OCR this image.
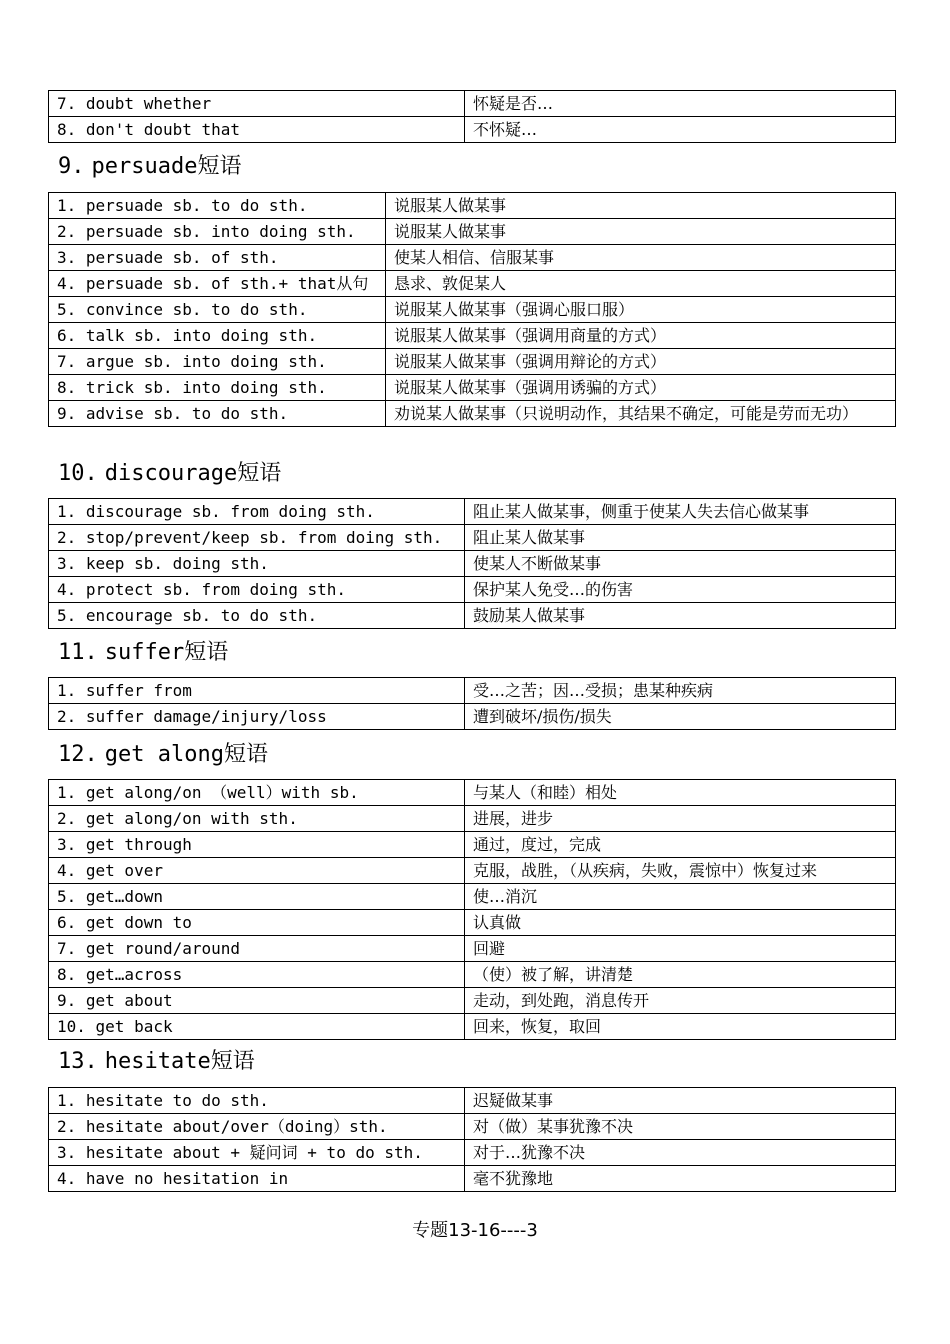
7. doubt whether	怀疑是否…
8. don't doubt that	不怀疑…
9. persuade短语
1. persuade sb. to do sth.	说服某人做某事
2. persuade sb. into doing sth.	说服某人做某事
3. persuade sb. of sth.	使某人相信、信服某事
4. persuade sb. of sth.+ that从句	恳求、敦促某人
5. convince sb. to do sth.	说服某人做某事（强调心服口服）
6. talk sb. into doing sth.	说服某人做某事（强调用商量的方式）
7. argue sb. into doing sth.	说服某人做某事（强调用辩论的方式）
8. trick sb. into doing sth.	说服某人做某事（强调用诱骗的方式）
9. advise sb. to do sth.	劝说某人做某事（只说明动作，其结果不确定，可能是劳而无功）
10. discourage短语
1. discourage sb. from doing sth.	阻止某人做某事，侧重于使某人失去信心做某事
2. stop/prevent/keep sb. from doing sth.	阻止某人做某事
3. keep sb. doing sth.	使某人不断做某事
4. protect sb. from doing sth.	保护某人免受…的伤害
5. encourage sb. to do sth.	鼓励某人做某事
11. suffer短语
1. suffer from	受…之苦；因…受损；患某种疾病
2. suffer damage/injury/loss	遭到破坏/损伤/损失
12. get along短语
1. get along/on （well）with sb.	与某人（和睦）相处
2. get along/on with sth.	进展，进步
3. get through	通过，度过，完成
4. get over	克服，战胜，（从疾病，失败，震惊中）恢复过来
5. get…down	使…消沉
6. get down to	认真做
7. get round/around	回避
8. get…across	（使）被了解，讲清楚
9. get about	走动，到处跑，消息传开
10. get back	回来，恢复，取回
13. hesitate短语
1. hesitate to do sth.	迟疑做某事
2. hesitate about/over（doing）sth.	对（做）某事犹豫不决
3. hesitate about + 疑问词 + to do sth.	对于…犹豫不决
4. have no hesitation in	毫不犹豫地
专题13-16----3
